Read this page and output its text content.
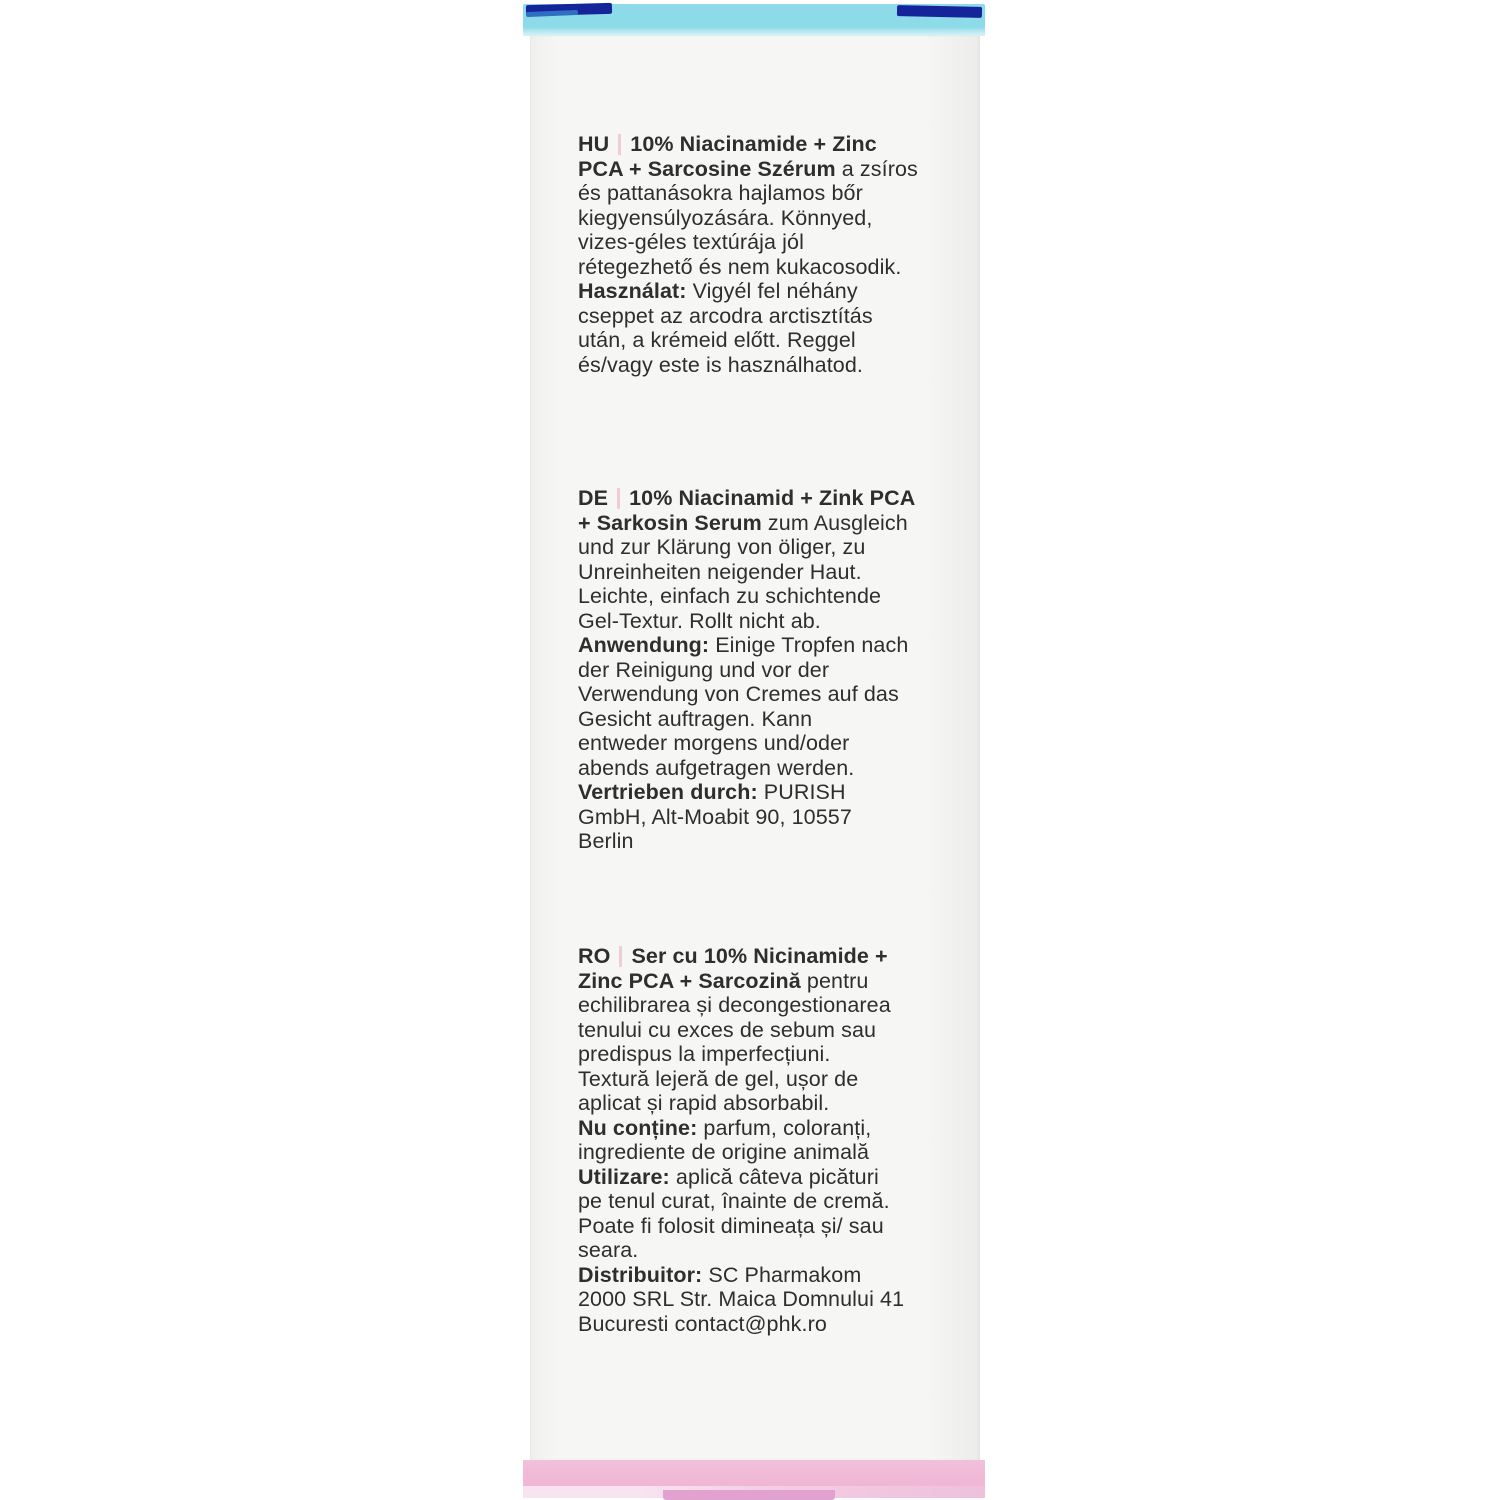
HU 10% Niacinamide + Zinc
PCA + Sarcosine Szérum a zsíros
és pattanásokra hajlamos bőr
kiegyensúlyozására. Könnyed,
vizes-géles textúrája jól
rétegezhető és nem kukacosodik.
Használat: Vigyél fel néhány
cseppet az arcodra arctisztítás
után, a krémeid előtt. Reggel
és/vagy este is használhatod.
DE 10% Niacinamid + Zink PCA
+ Sarkosin Serum zum Ausgleich
und zur Klärung von öliger, zu
Unreinheiten neigender Haut.
Leichte, einfach zu schichtende
Gel-Textur. Rollt nicht ab.
Anwendung: Einige Tropfen nach
der Reinigung und vor der
Verwendung von Cremes auf das
Gesicht auftragen. Kann
entweder morgens und/oder
abends aufgetragen werden.
Vertrieben durch: PURISH
GmbH, Alt-Moabit 90, 10557
Berlin
RO Ser cu 10% Nicinamide +
Zinc PCA + Sarcozină pentru
echilibrarea și decongestionarea
tenului cu exces de sebum sau
predispus la imperfecțiuni.
Textură lejeră de gel, ușor de
aplicat și rapid absorbabil.
Nu conține: parfum, coloranți,
ingrediente de origine animală
Utilizare: aplică câteva picături
pe tenul curat, înainte de cremă.
Poate fi folosit dimineața și/ sau
seara.
Distribuitor: SC Pharmakom
2000 SRL Str. Maica Domnului 41
Bucuresti contact@phk.ro
